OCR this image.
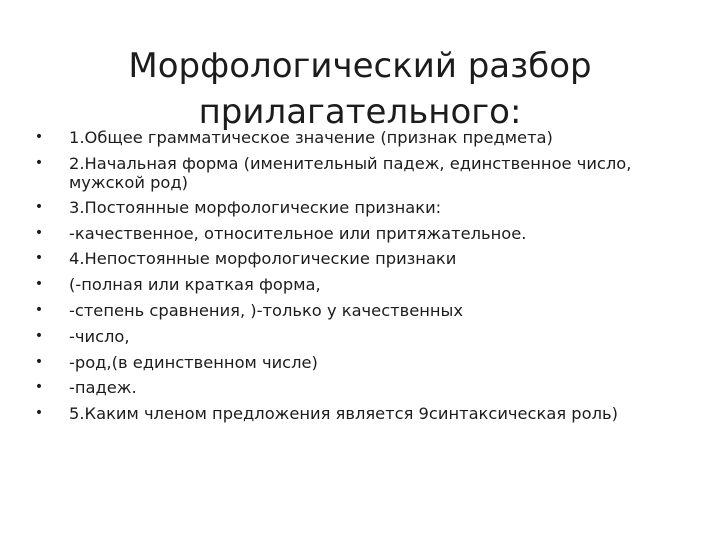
Морфологический разбор
прилагательного:
• 1.Общее грамматическое значение (признак предмета)
• 2.Начальная форма (именительный падеж, единственное число, мужской род)
• 3.Постоянные морфологические признаки:
• -качественное, относительное или притяжательное.
• 4.Непостоянные морфологические признаки
• (-полная или краткая форма,
• -степень сравнения, )-только у качественных
• -число,
• -род,(в единственном числе)
• -падеж.
• 5.Каким членом предложения является 9синтаксическая роль)
